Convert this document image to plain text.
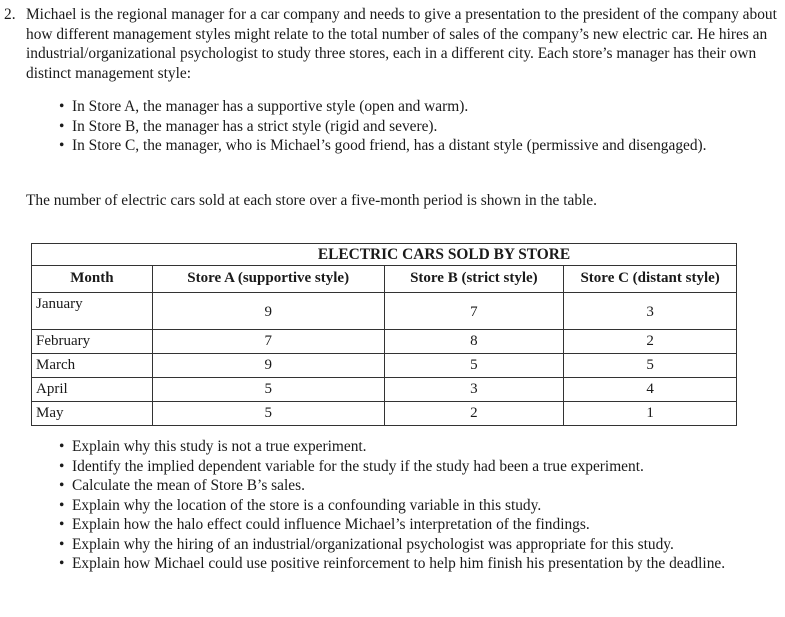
2. Michael is the regional manager for a car company and needs to give a presentation to the president of the company about how different management styles might relate to the total number of sales of the company’s new electric car. He hires an industrial/organizational psychologist to study three stores, each in a different city. Each store’s manager has their own distinct management style:
• In Store A, the manager has a supportive style (open and warm).
• In Store B, the manager has a strict style (rigid and severe).
• In Store C, the manager, who is Michael’s good friend, has a distant style (permissive and disengaged).
The number of electric cars sold at each store over a five-month period is shown in the table.
ELECTRIC CARS SOLD BY STORE			
Month	Store A (supportive style)	Store B (strict style)	Store C (distant style)
January	9	7	3
February	7	8	2
March	9	5	5
April	5	3	4
May	5	2	1
• Explain why this study is not a true experiment.
• Identify the implied dependent variable for the study if the study had been a true experiment.
• Calculate the mean of Store B’s sales.
• Explain why the location of the store is a confounding variable in this study.
• Explain how the halo effect could influence Michael’s interpretation of the findings.
• Explain why the hiring of an industrial/organizational psychologist was appropriate for this study.
• Explain how Michael could use positive reinforcement to help him finish his presentation by the deadline.
